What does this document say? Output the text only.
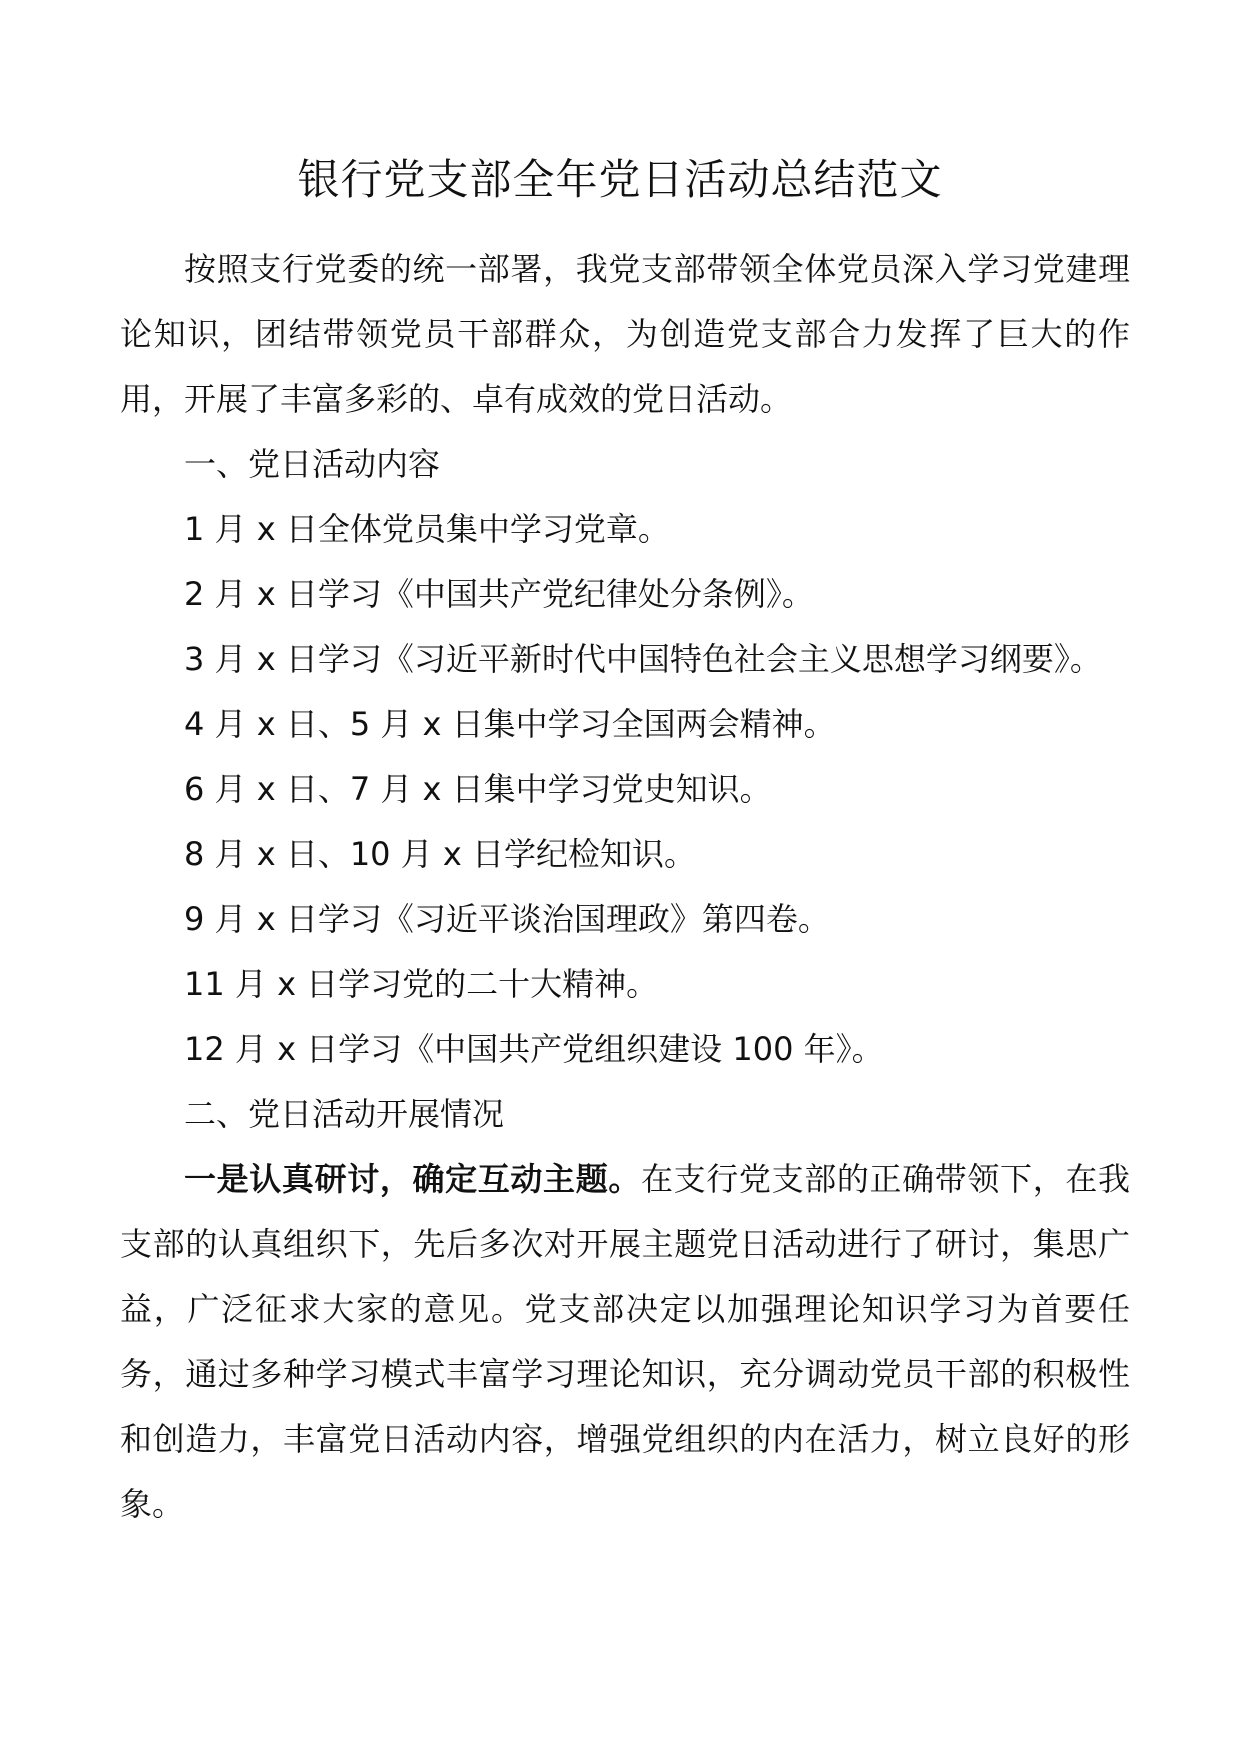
银行党支部全年党日活动总结范文

按照支行党委的统一部署，我党支部带领全体党员深入学习党建理论知识，团结带领党员干部群众，为创造党支部合力发挥了巨大的作用，开展了丰富多彩的、卓有成效的党日活动。

一、党日活动内容

1 月 x 日全体党员集中学习党章。

2 月 x 日学习《中国共产党纪律处分条例》。

3 月 x 日学习《习近平新时代中国特色社会主义思想学习纲要》。

4 月 x 日、5 月 x 日集中学习全国两会精神。

6 月 x 日、7 月 x 日集中学习党史知识。

8 月 x 日、10 月 x 日学纪检知识。

9 月 x 日学习《习近平谈治国理政》第四卷。

11 月 x 日学习党的二十大精神。

12 月 x 日学习《中国共产党组织建设 100 年》。

二、党日活动开展情况

一是认真研讨，确定互动主题。在支行党支部的正确带领下，在我支部的认真组织下，先后多次对开展主题党日活动进行了研讨，集思广益，广泛征求大家的意见。党支部决定以加强理论知识学习为首要任务，通过多种学习模式丰富学习理论知识，充分调动党员干部的积极性和创造力，丰富党日活动内容，增强党组织的内在活力，树立良好的形象。
